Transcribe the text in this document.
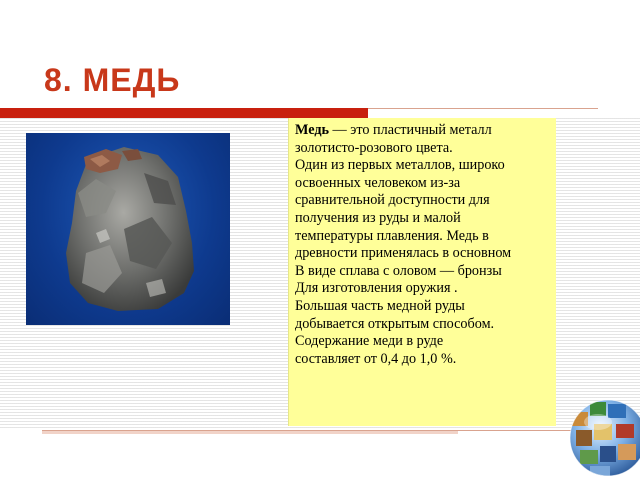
8. МЕДЬ

Медь — это пластичный металл

золотисто-розового цвета.

Один из первых металлов, широко

освоенных человеком из-за

сравнительной доступности для

получения из руды и малой

температуры плавления. Медь в

древности применялась в основном

В виде сплава с оловом — бронзы

Для изготовления оружия .

Большая часть медной руды

добывается открытым способом.

Содержание меди в руде

составляет от 0,4 до 1,0 %.
